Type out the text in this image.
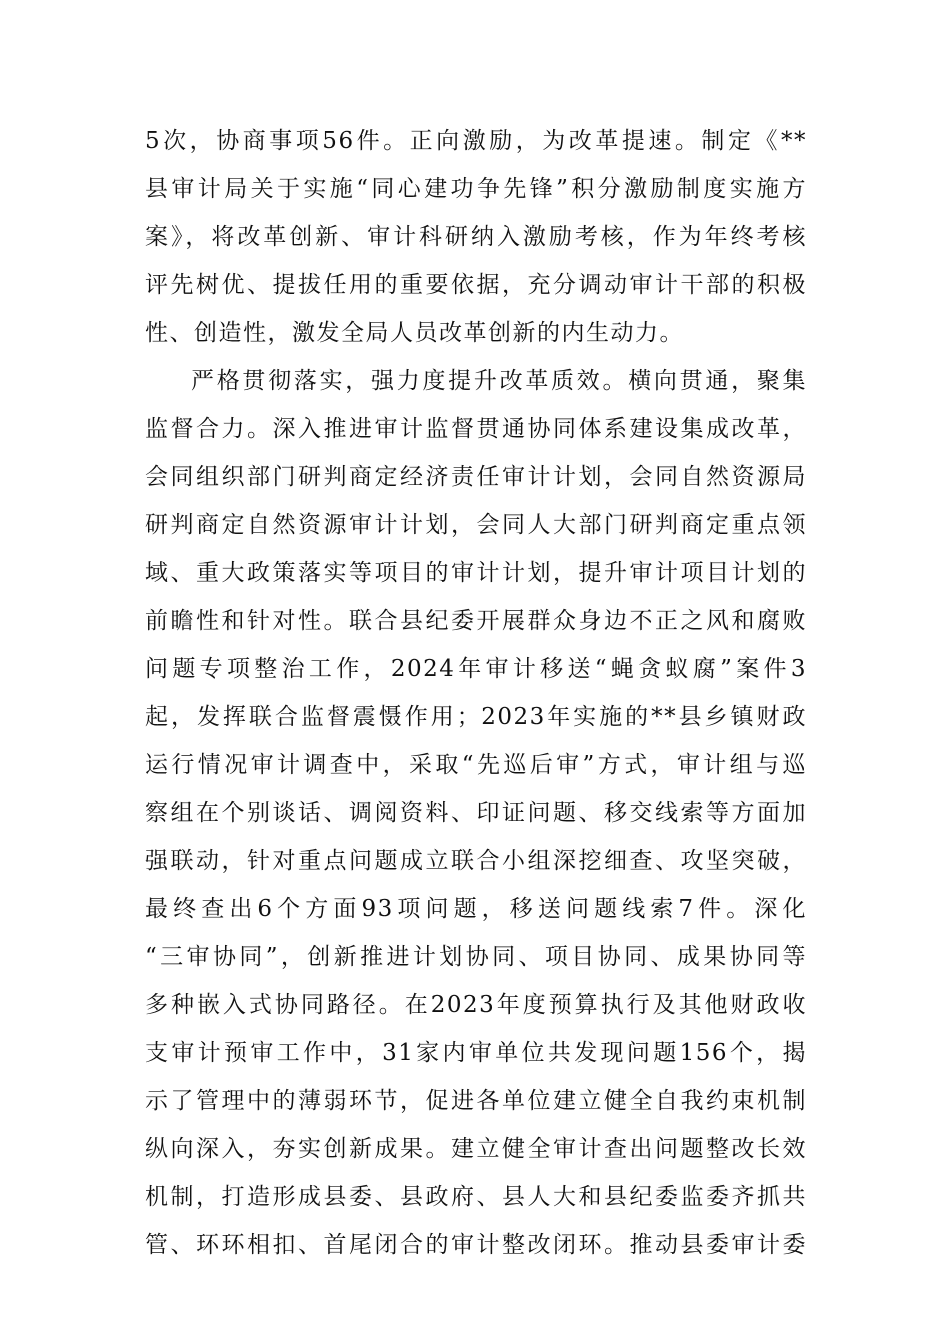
5次，协商事项56件。正向激励，为改革提速。制定《**
县审计局关于实施“同心建功争先锋”积分激励制度实施方
案》，将改革创新、审计科研纳入激励考核，作为年终考核
评先树优、提拔任用的重要依据，充分调动审计干部的积极
性、创造性，激发全局人员改革创新的内生动力。
严格贯彻落实，强力度提升改革质效。横向贯通，聚集
监督合力。深入推进审计监督贯通协同体系建设集成改革，
会同组织部门研判商定经济责任审计计划，会同自然资源局
研判商定自然资源审计计划，会同人大部门研判商定重点领
域、重大政策落实等项目的审计计划，提升审计项目计划的
前瞻性和针对性。联合县纪委开展群众身边不正之风和腐败
问题专项整治工作，2024年审计移送“蝇贪蚁腐”案件3
起，发挥联合监督震慑作用；2023年实施的**县乡镇财政
运行情况审计调查中，采取“先巡后审”方式，审计组与巡
察组在个别谈话、调阅资料、印证问题、移交线索等方面加
强联动，针对重点问题成立联合小组深挖细查、攻坚突破，
最终查出6个方面93项问题，移送问题线索7件。深化
“三审协同”，创新推进计划协同、项目协同、成果协同等
多种嵌入式协同路径。在2023年度预算执行及其他财政收
支审计预审工作中，31家内审单位共发现问题156个，揭
示了管理中的薄弱环节，促进各单位建立健全自我约束机制
纵向深入，夯实创新成果。建立健全审计查出问题整改长效
机制，打造形成县委、县政府、县人大和县纪委监委齐抓共
管、环环相扣、首尾闭合的审计整改闭环。推动县委审计委
